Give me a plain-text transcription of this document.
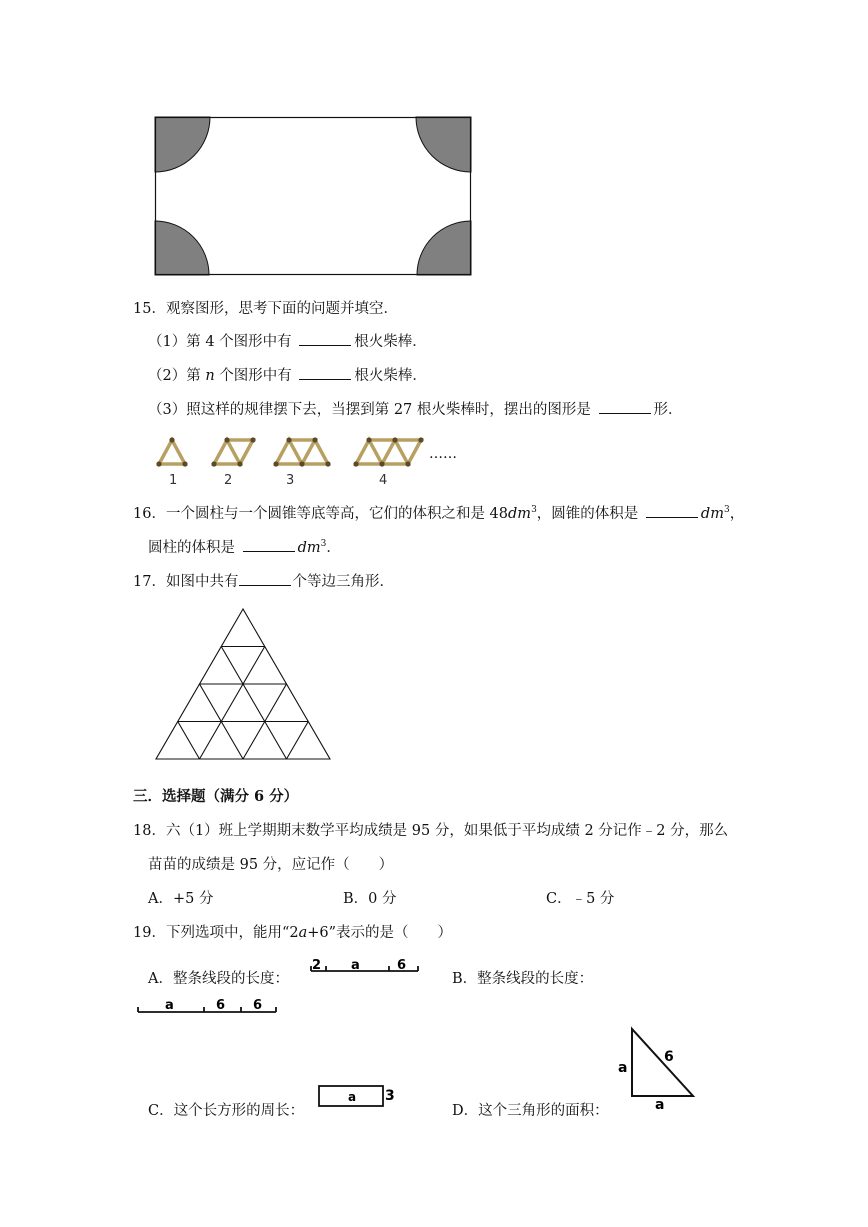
15．观察图形，思考下面的问题并填空．
（1）第 4 个图形中有	根火柴棒．
（2）第 n 个图形中有	根火柴棒．
（3）照这样的规律摆下去，当摆到第 27 根火柴棒时，摆出的图形是	形．
1	2	3	4
……
16．一个圆柱与一个圆锥等底等高，它们的体积之和是 $48dm^3$，圆锥的体积是	$dm^3$，
圆柱的体积是	$dm^3$．
17．如图中共有	个等边三角形．
三．选择题（满分 6 分）
18．六（1）班上学期期末数学平均成绩是 95 分，如果低于平均成绩 2 分记作﹣2 分，那么
苗苗的成绩是 95 分，应记作（　　）
A．+5 分	B．0 分	C．﹣5 分
19．下列选项中，能用“2a+6”表示的是（　　）
A．整条线段的长度：
2 a	6
B．整条线段的长度：
a	6 6
C．这个长方形的周长：
a 3
D．这个三角形的面积：
a
6
a
